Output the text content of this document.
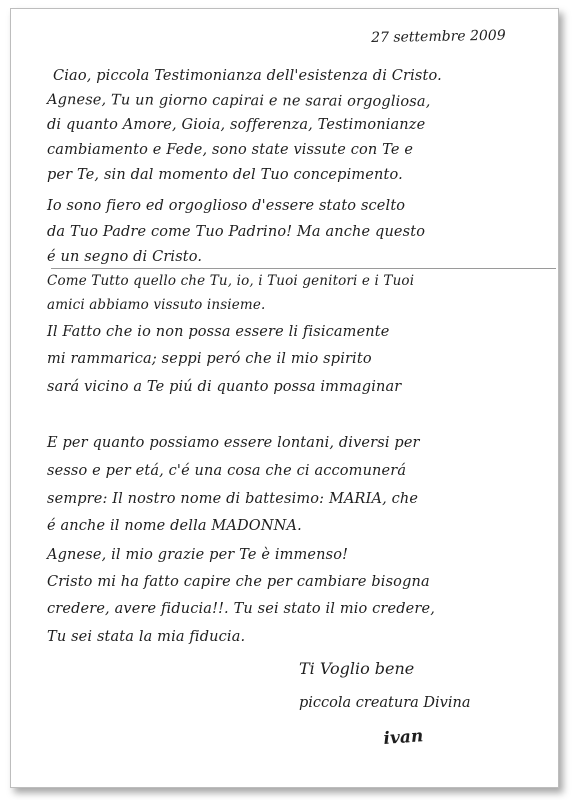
27 settembre 2009
Ciao, piccola Testimonianza dell'esistenza di Cristo.
Agnese, Tu un giorno capirai e ne sarai orgogliosa,
di quanto Amore, Gioia, sofferenza, Testimonianze
cambiamento e Fede, sono state vissute con Te e
per Te, sin dal momento del Tuo concepimento.
Io sono fiero ed orgoglioso d'essere stato scelto
da Tuo Padre come Tuo Padrino! Ma anche questo
é un segno di Cristo.
Come Tutto quello che Tu, io, i Tuoi genitori e i Tuoi
amici abbiamo vissuto insieme.
Il Fatto che io non possa essere li fisicamente
mi rammarica; seppi peró che il mio spirito
sará vicino a Te piú di quanto possa immaginar
E per quanto possiamo essere lontani, diversi per
sesso e per etá, c'é una cosa che ci accomunerá
sempre: Il nostro nome di battesimo: MARIA, che
é anche il nome della MADONNA.
Agnese, il mio grazie per Te è immenso!
Cristo mi ha fatto capire che per cambiare bisogna
credere, avere fiducia!!. Tu sei stato il mio credere,
Tu sei stata la mia fiducia.
Ti Voglio bene
piccola creatura Divina
ivan
